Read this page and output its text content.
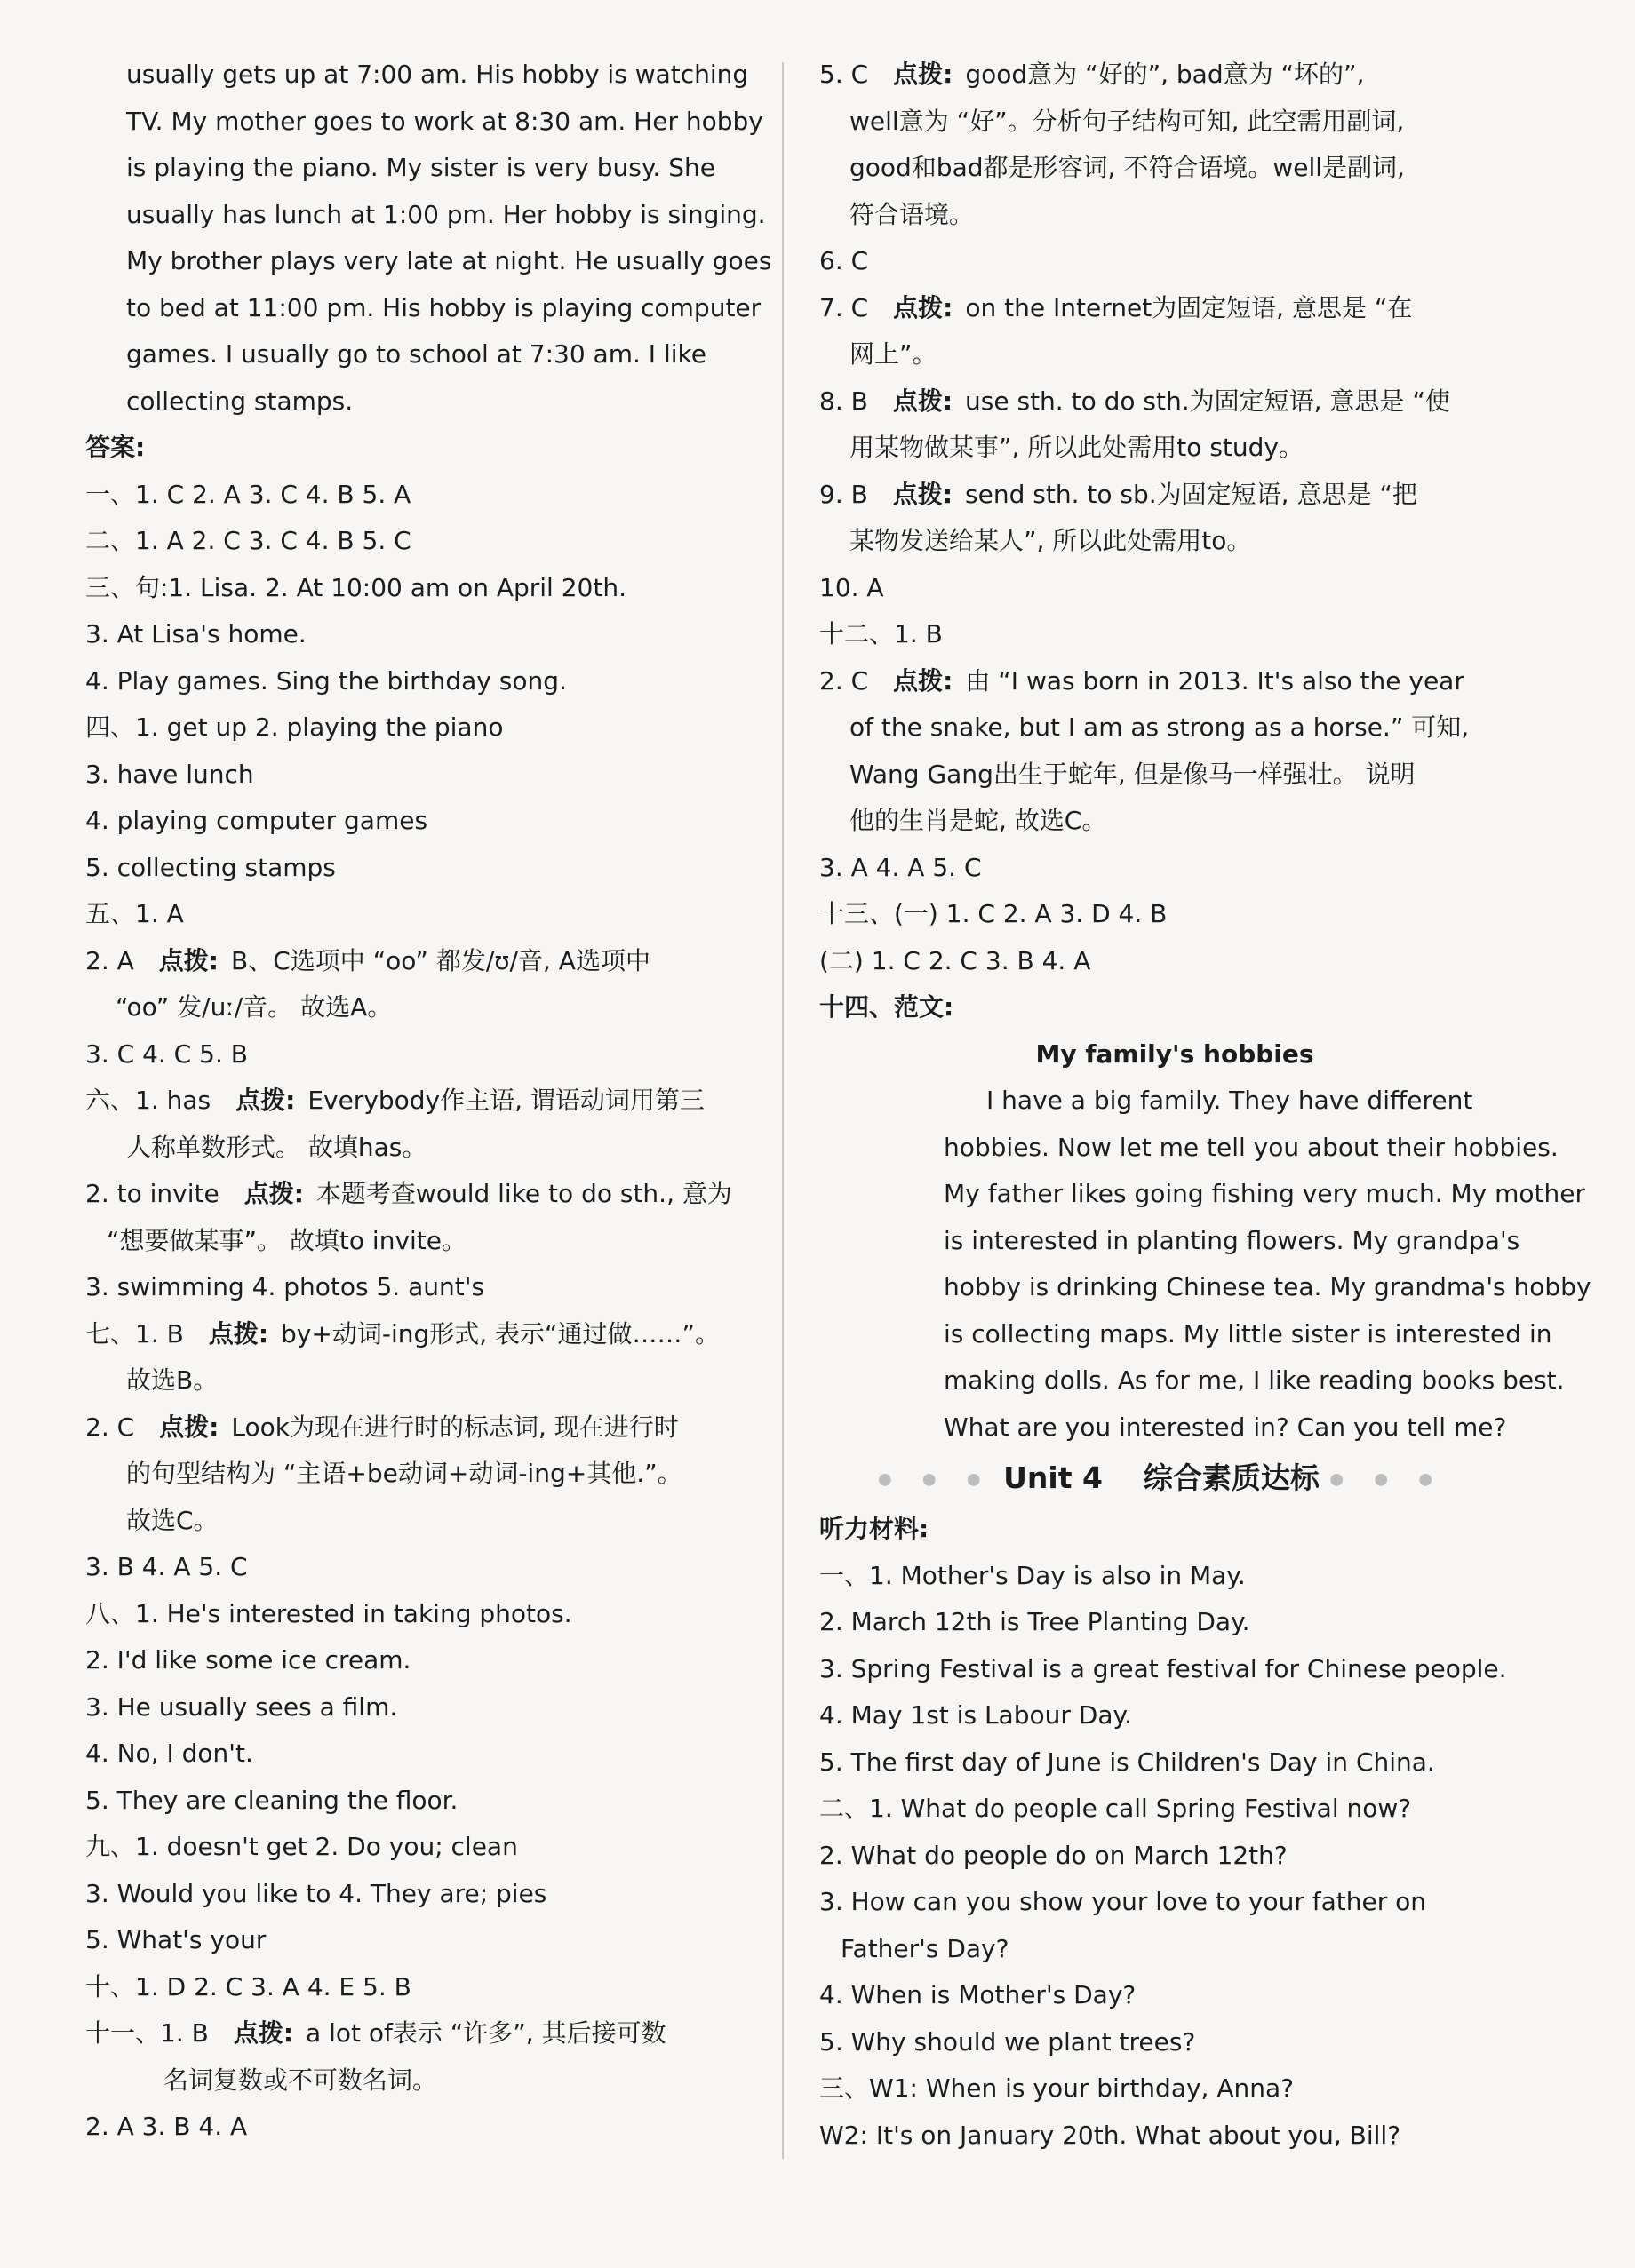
usually gets up at 7:00 am. His hobby is watching
TV. My mother goes to work at 8:30 am. Her hobby
is playing the piano. My sister is very busy. She
usually has lunch at 1:00 pm. Her hobby is singing.
My brother plays very late at night. He usually goes
to bed at 11:00 pm. His hobby is playing computer
games. I usually go to school at 7:30 am. I like
collecting stamps.
答案:
一、1. C 2. A 3. C 4. B 5. A
二、1. A 2. C 3. C 4. B 5. C
三、句:1. Lisa. 2. At 10:00 am on April 20th.
3. At Lisa's home.
4. Play games. Sing the birthday song.
四、1. get up 2. playing the piano
3. have lunch
4. playing computer games
5. collecting stamps
五、1. A
2. A 点拨: B、C选项中 “oo” 都发/ʊ/音, A选项中
“oo” 发/uː/音。 故选A。
3. C 4. C 5. B
六、1. has 点拨: Everybody作主语, 谓语动词用第三
人称单数形式。 故填has。
2. to invite 点拨: 本题考查would like to do sth., 意为
“想要做某事”。 故填to invite。
3. swimming 4. photos 5. aunt's
七、1. B 点拨: by+动词-ing形式, 表示“通过做……”。
故选B。
2. C 点拨: Look为现在进行时的标志词, 现在进行时
的句型结构为 “主语+be动词+动词-ing+其他.”。
故选C。
3. B 4. A 5. C
八、1. He's interested in taking photos.
2. I'd like some ice cream.
3. He usually sees a film.
4. No, I don't.
5. They are cleaning the floor.
九、1. doesn't get 2. Do you; clean
3. Would you like to 4. They are; pies
5. What's your
十、1. D 2. C 3. A 4. E 5. B
十一、1. B 点拨: a lot of表示 “许多”, 其后接可数
名词复数或不可数名词。
2. A 3. B 4. A
5. C 点拨: good意为 “好的”, bad意为 “坏的”,
well意为 “好”。分析句子结构可知, 此空需用副词,
good和bad都是形容词, 不符合语境。well是副词,
符合语境。
6. C
7. C 点拨: on the Internet为固定短语, 意思是 “在
网上”。
8. B 点拨: use sth. to do sth.为固定短语, 意思是 “使
用某物做某事”, 所以此处需用to study。
9. B 点拨: send sth. to sb.为固定短语, 意思是 “把
某物发送给某人”, 所以此处需用to。
10. A
十二、1. B
2. C 点拨: 由 “I was born in 2013. It's also the year
of the snake, but I am as strong as a horse.” 可知,
Wang Gang出生于蛇年, 但是像马一样强壮。 说明
他的生肖是蛇, 故选C。
3. A 4. A 5. C
十三、(一) 1. C 2. A 3. D 4. B
(二) 1. C 2. C 3. B 4. A
十四、范文:
My family's hobbies
I have a big family. They have different
hobbies. Now let me tell you about their hobbies.
My father likes going fishing very much. My mother
is interested in planting flowers. My grandpa's
hobby is drinking Chinese tea. My grandma's hobby
is collecting maps. My little sister is interested in
making dolls. As for me, I like reading books best.
What are you interested in? Can you tell me?
● ● ● Unit 4 综合素质达标 ● ● ●
听力材料:
一、1. Mother's Day is also in May.
2. March 12th is Tree Planting Day.
3. Spring Festival is a great festival for Chinese people.
4. May 1st is Labour Day.
5. The first day of June is Children's Day in China.
二、1. What do people call Spring Festival now?
2. What do people do on March 12th?
3. How can you show your love to your father on
Father's Day?
4. When is Mother's Day?
5. Why should we plant trees?
三、W1: When is your birthday, Anna?
W2: It's on January 20th. What about you, Bill?
